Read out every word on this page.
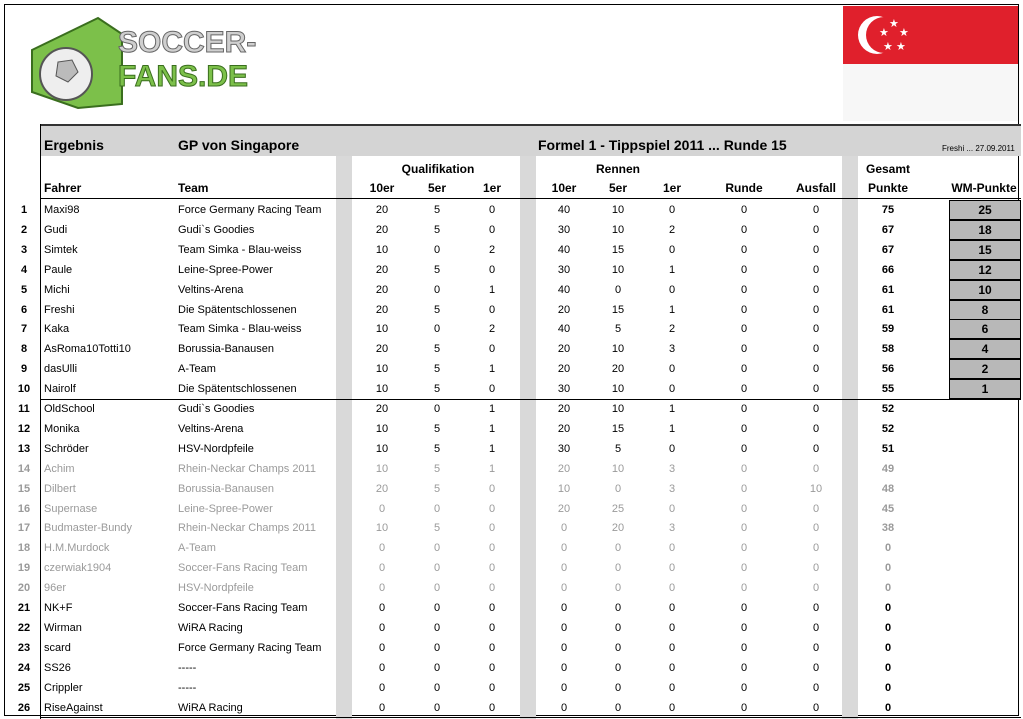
SOCCER-
FANS.DE
★
★ ★
★ ★
Ergebnis	GP von Singapore	Formel 1 - Tippspiel 2011 ... Runde 15	Freshi ... 27.09.2011
Qualifikation	Rennen	Gesamt
Fahrer	Team	10er	5er	1er	10er	5er	1er	Runde	Ausfall	Punkte	WM-Punkte
1	Maxi98	Force Germany Racing Team	20	5	0	40	10	0	0	0	75	25
2	Gudi	Gudi`s Goodies	20	5	0	30	10	2	0	0	67	18
3	Simtek	Team Simka - Blau-weiss	10	0	2	40	15	0	0	0	67	15
4	Paule	Leine-Spree-Power	20	5	0	30	10	1	0	0	66	12
5	Michi	Veltins-Arena	20	0	1	40	0	0	0	0	61	10
6	Freshi	Die Spätentschlossenen	20	5	0	20	15	1	0	0	61	8
7	Kaka	Team Simka - Blau-weiss	10	0	2	40	5	2	0	0	59	6
8	AsRoma10Totti10	Borussia-Banausen	20	5	0	20	10	3	0	0	58	4
9	dasUlli	A-Team	10	5	1	20	20	0	0	0	56	2
10	Nairolf	Die Spätentschlossenen	10	5	0	30	10	0	0	0	55	1
11	OldSchool	Gudi`s Goodies	20	0	1	20	10	1	0	0	52
12	Monika	Veltins-Arena	10	5	1	20	15	1	0	0	52
13	Schröder	HSV-Nordpfeile	10	5	1	30	5	0	0	0	51
14	Achim	Rhein-Neckar Champs 2011	10	5	1	20	10	3	0	0	49
15	Dilbert	Borussia-Banausen	20	5	0	10	0	3	0	10	48
16	Supernase	Leine-Spree-Power	0	0	0	20	25	0	0	0	45
17	Budmaster-Bundy	Rhein-Neckar Champs 2011	10	5	0	0	20	3	0	0	38
18	H.M.Murdock	A-Team	0	0	0	0	0	0	0	0	0
19	czerwiak1904	Soccer-Fans Racing Team	0	0	0	0	0	0	0	0	0
20	96er	HSV-Nordpfeile	0	0	0	0	0	0	0	0	0
21	NK+F	Soccer-Fans Racing Team	0	0	0	0	0	0	0	0	0
22	Wirman	WiRA Racing	0	0	0	0	0	0	0	0	0
23	scard	Force Germany Racing Team	0	0	0	0	0	0	0	0	0
24	SS26	-----	0	0	0	0	0	0	0	0	0
25	Crippler	-----	0	0	0	0	0	0	0	0	0
26	RiseAgainst	WiRA Racing	0	0	0	0	0	0	0	0	0
